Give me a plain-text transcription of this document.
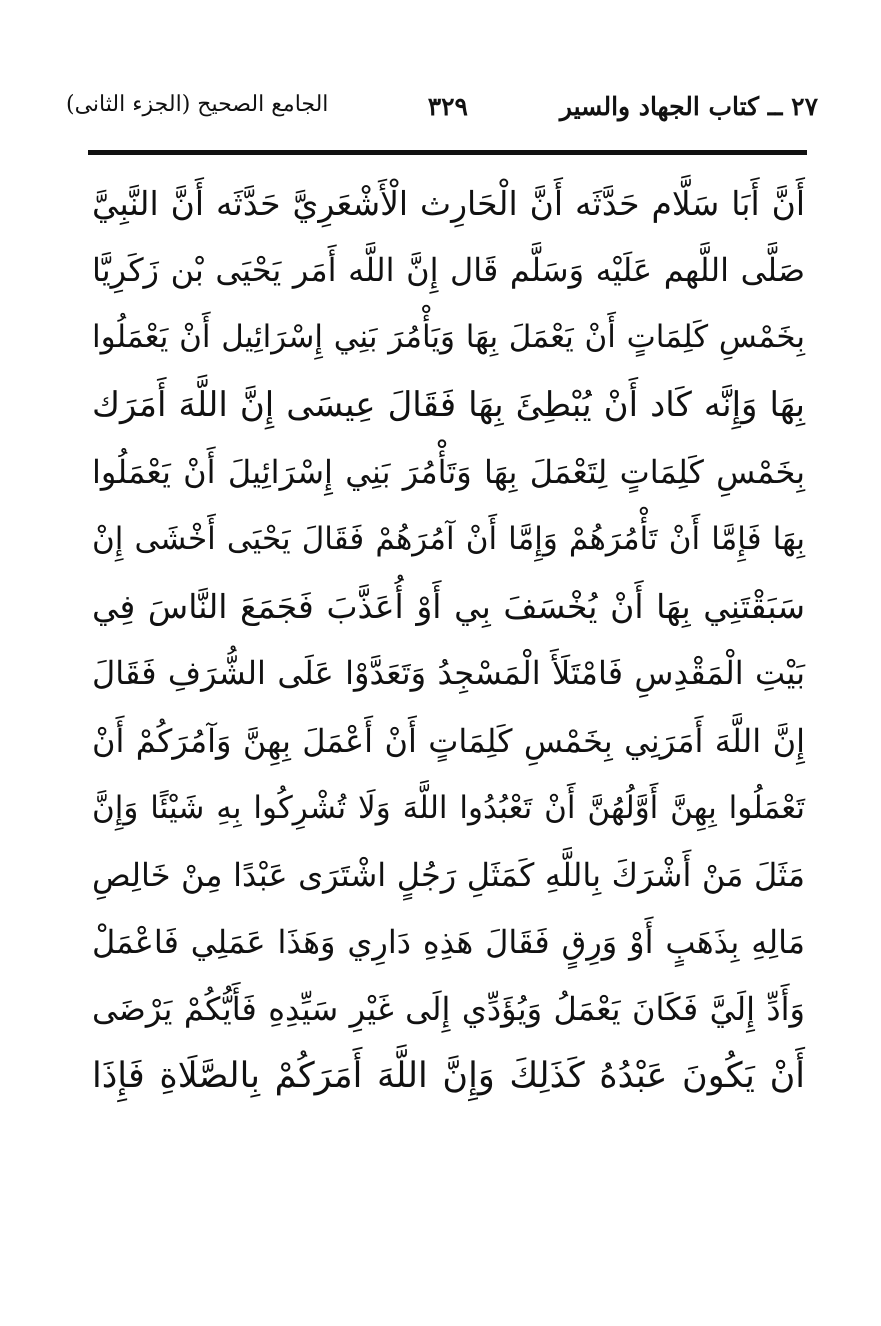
٢٧ ــ كتاب الجهاد والسير
٣٢٩
الجامع الصحيح (الجزء الثانى)
أَنَّ أَبَا سَلَّام حَدَّثَه أَنَّ الْحَارِث الْأَشْعَرِيَّ حَدَّثَه أَنَّ النَّبِيَّ
صَلَّى اللَّهم عَلَيْه وَسَلَّم قَال إِنَّ اللَّه أَمَر يَحْيَى بْن زَكَرِيَّا
بِخَمْسِ كَلِمَاتٍ أَنْ يَعْمَلَ بِهَا وَيَأْمُرَ بَنِي إِسْرَائِيل أَنْ يَعْمَلُوا
بِهَا وَإِنَّه كَاد أَنْ يُبْطِئَ بِهَا فَقَالَ عِيسَى إِنَّ اللَّهَ أَمَرَك
بِخَمْسِ كَلِمَاتٍ لِتَعْمَلَ بِهَا وَتَأْمُرَ بَنِي إِسْرَائِيلَ أَنْ يَعْمَلُوا
بِهَا فَإِمَّا أَنْ تَأْمُرَهُمْ وَإِمَّا أَنْ آمُرَهُمْ فَقَالَ يَحْيَى أَخْشَى إِنْ
سَبَقْتَنِي بِهَا أَنْ يُخْسَفَ بِي أَوْ أُعَذَّبَ فَجَمَعَ النَّاسَ فِي
بَيْتِ الْمَقْدِسِ فَامْتَلَأَ الْمَسْجِدُ وَتَعَدَّوْا عَلَى الشُّرَفِ فَقَالَ
إِنَّ اللَّهَ أَمَرَنِي بِخَمْسِ كَلِمَاتٍ أَنْ أَعْمَلَ بِهِنَّ وَآمُرَكُمْ أَنْ
تَعْمَلُوا بِهِنَّ أَوَّلُهُنَّ أَنْ تَعْبُدُوا اللَّهَ وَلَا تُشْرِكُوا بِهِ شَيْئًا وَإِنَّ
مَثَلَ مَنْ أَشْرَكَ بِاللَّهِ كَمَثَلِ رَجُلٍ اشْتَرَى عَبْدًا مِنْ خَالِصِ
مَالِهِ بِذَهَبٍ أَوْ وَرِقٍ فَقَالَ هَذِهِ دَارِي وَهَذَا عَمَلِي فَاعْمَلْ
وَأَدِّ إِلَيَّ فَكَانَ يَعْمَلُ وَيُؤَدِّي إِلَى غَيْرِ سَيِّدِهِ فَأَيُّكُمْ يَرْضَى
أَنْ يَكُونَ عَبْدُهُ كَذَلِكَ وَإِنَّ اللَّهَ أَمَرَكُمْ بِالصَّلَاةِ فَإِذَا
